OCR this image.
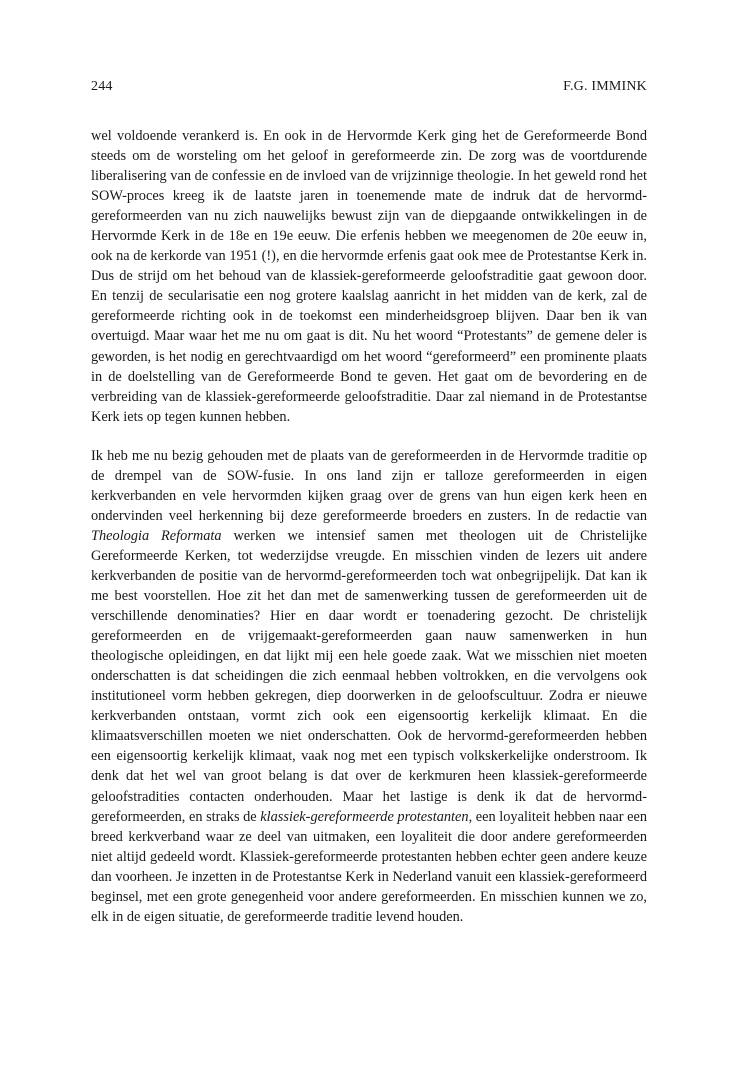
244	F.G. IMMINK

wel voldoende verankerd is. En ook in de Hervormde Kerk ging het de Gereformeerde Bond steeds om de worsteling om het geloof in gereformeerde zin. De zorg was de voortdurende liberalisering van de confessie en de invloed van de vrijzinnige theologie. In het geweld rond het SOW-proces kreeg ik de laatste jaren in toenemende mate de indruk dat de hervormd-gereformeerden van nu zich nauwelijks bewust zijn van de diepgaande ontwikkelingen in de Hervormde Kerk in de 18e en 19e eeuw. Die erfenis hebben we meegenomen de 20e eeuw in, ook na de kerkorde van 1951 (!), en die hervormde erfenis gaat ook mee de Protestantse Kerk in. Dus de strijd om het behoud van de klassiek-gereformeerde geloofstraditie gaat gewoon door. En tenzij de secularisatie een nog grotere kaalslag aanricht in het midden van de kerk, zal de gereformeerde richting ook in de toekomst een minderheidsgroep blijven. Daar ben ik van overtuigd. Maar waar het me nu om gaat is dit. Nu het woord “Protestants” de gemene deler is geworden, is het nodig en gerechtvaardigd om het woord “gereformeerd” een prominente plaats in de doelstelling van de Gereformeerde Bond te geven. Het gaat om de bevordering en de verbreiding van de klassiek-gereformeerde geloofstraditie. Daar zal niemand in de Protestantse Kerk iets op tegen kunnen hebben.

Ik heb me nu bezig gehouden met de plaats van de gereformeerden in de Hervormde traditie op de drempel van de SOW-fusie. In ons land zijn er talloze gereformeerden in eigen kerkverbanden en vele hervormden kijken graag over de grens van hun eigen kerk heen en ondervinden veel herkenning bij deze gereformeerde broeders en zusters. In de redactie van Theologia Reformata werken we intensief samen met theologen uit de Christelijke Gereformeerde Kerken, tot wederzijdse vreugde. En misschien vinden de lezers uit andere kerkverbanden de positie van de hervormd-gereformeerden toch wat onbegrijpelijk. Dat kan ik me best voorstellen. Hoe zit het dan met de samenwerking tussen de gereformeerden uit de verschillende denominaties? Hier en daar wordt er toenadering gezocht. De christelijk gereformeerden en de vrijgemaakt-gereformeerden gaan nauw samenwerken in hun theologische opleidingen, en dat lijkt mij een hele goede zaak. Wat we misschien niet moeten onderschatten is dat scheidingen die zich eenmaal hebben voltrokken, en die vervolgens ook institutioneel vorm hebben gekregen, diep doorwerken in de geloofscultuur. Zodra er nieuwe kerkverbanden ontstaan, vormt zich ook een eigensoortig kerkelijk klimaat. En die klimaatsverschillen moeten we niet onderschatten. Ook de hervormd-gereformeerden hebben een eigensoortig kerkelijk klimaat, vaak nog met een typisch volkskerkelijke onderstroom. Ik denk dat het wel van groot belang is dat over de kerkmuren heen klassiek-gereformeerde geloofstradities contacten onderhouden. Maar het lastige is denk ik dat de hervormd-gereformeerden, en straks de klassiek-gereformeerde protestanten, een loyaliteit hebben naar een breed kerkverband waar ze deel van uitmaken, een loyaliteit die door andere gereformeerden niet altijd gedeeld wordt. Klassiek-gereformeerde protestanten hebben echter geen andere keuze dan voorheen. Je inzetten in de Protestantse Kerk in Nederland vanuit een klassiek-gereformeerd beginsel, met een grote genegenheid voor andere gereformeerden. En misschien kunnen we zo, elk in de eigen situatie, de gereformeerde traditie levend houden.
